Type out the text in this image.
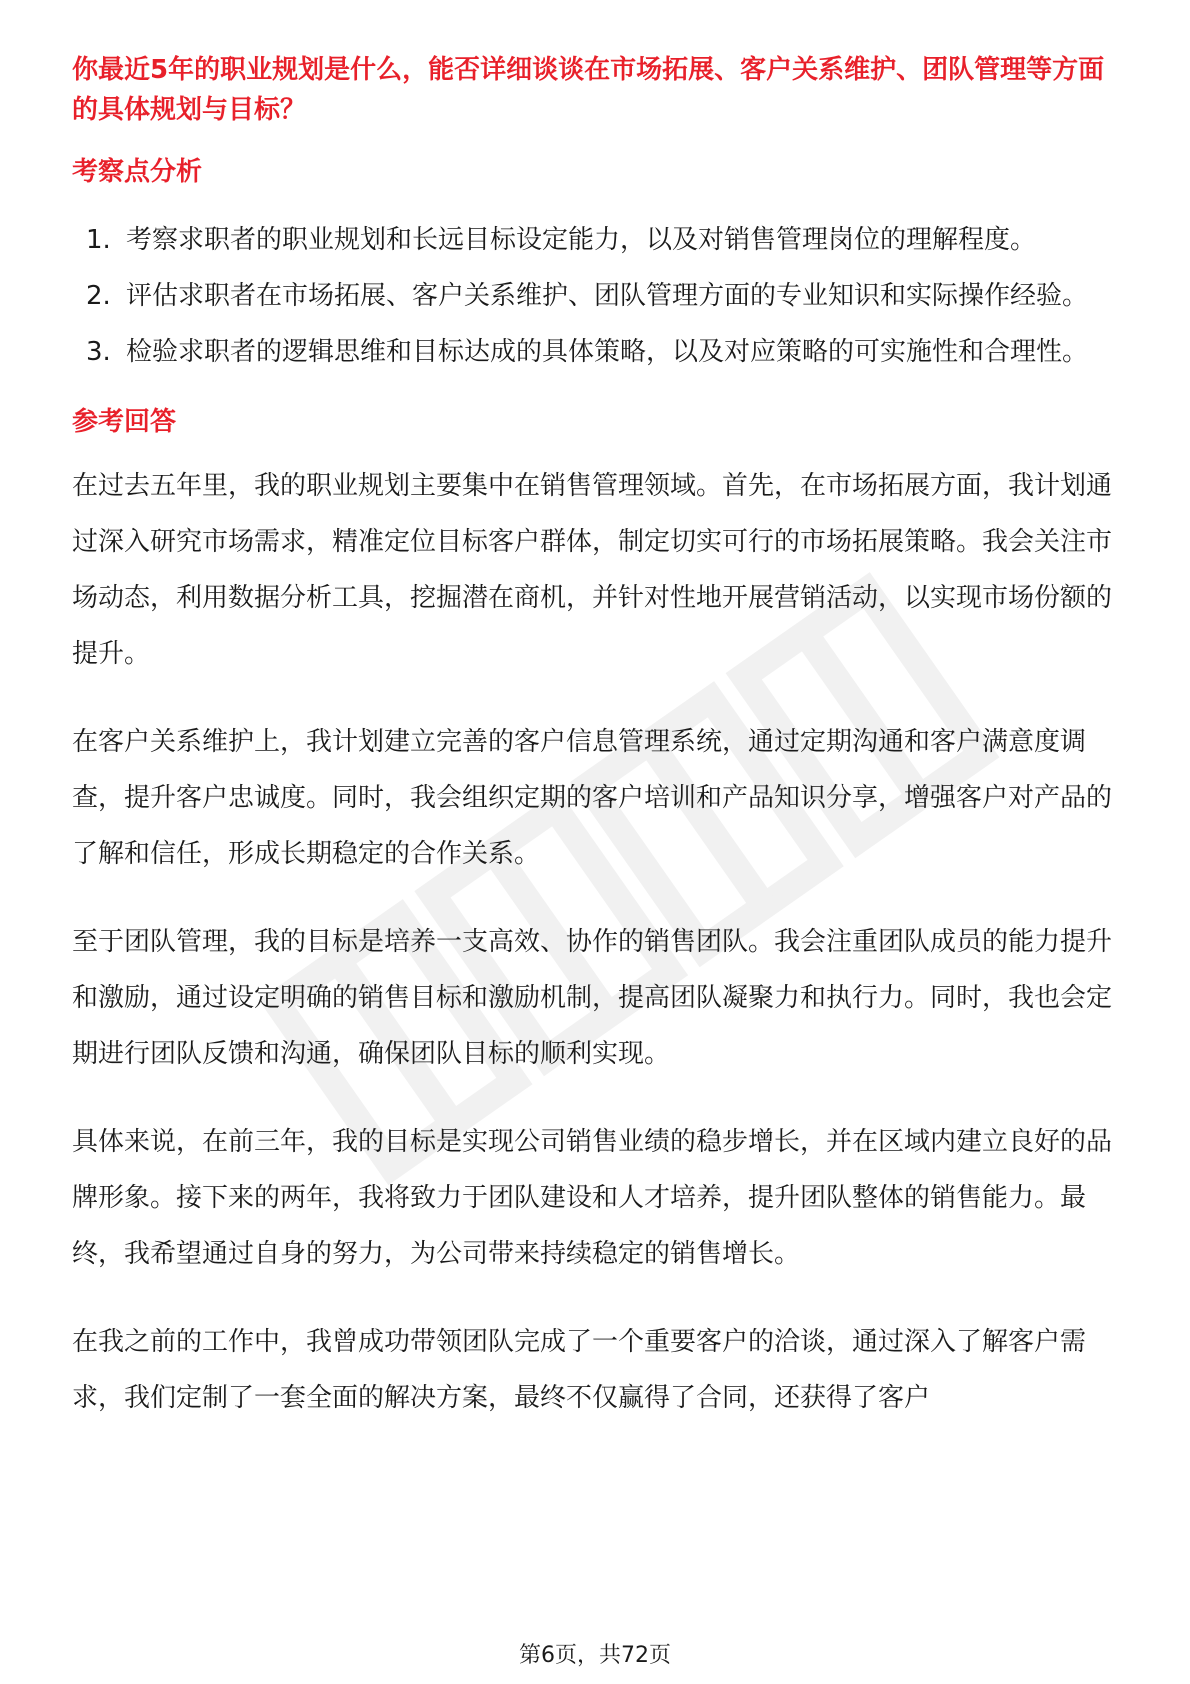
你最近5年的职业规划是什么，能否详细谈谈在市场拓展、客户关系维护、团队管理等方面的具体规划与目标？

考察点分析
1. 考察求职者的职业规划和长远目标设定能力，以及对销售管理岗位的理解程度。
2. 评估求职者在市场拓展、客户关系维护、团队管理方面的专业知识和实际操作经验。
3. 检验求职者的逻辑思维和目标达成的具体策略，以及对应策略的可实施性和合理性。
参考回答

在过去五年里，我的职业规划主要集中在销售管理领域。首先，在市场拓展方面，我计划通过深入研究市场需求，精准定位目标客户群体，制定切实可行的市场拓展策略。我会关注市场动态，利用数据分析工具，挖掘潜在商机，并针对性地开展营销活动，以实现市场份额的提升。

在客户关系维护上，我计划建立完善的客户信息管理系统，通过定期沟通和客户满意度调查，提升客户忠诚度。同时，我会组织定期的客户培训和产品知识分享，增强客户对产品的了解和信任，形成长期稳定的合作关系。

至于团队管理，我的目标是培养一支高效、协作的销售团队。我会注重团队成员的能力提升和激励，通过设定明确的销售目标和激励机制，提高团队凝聚力和执行力。同时，我也会定期进行团队反馈和沟通，确保团队目标的顺利实现。

具体来说，在前三年，我的目标是实现公司销售业绩的稳步增长，并在区域内建立良好的品牌形象。接下来的两年，我将致力于团队建设和人才培养，提升团队整体的销售能力。最终，我希望通过自身的努力，为公司带来持续稳定的销售增长。

在我之前的工作中，我曾成功带领团队完成了一个重要客户的洽谈，通过深入了解客户需求，我们定制了一套全面的解决方案，最终不仅赢得了合同，还获得了客户

第6页，共72页
